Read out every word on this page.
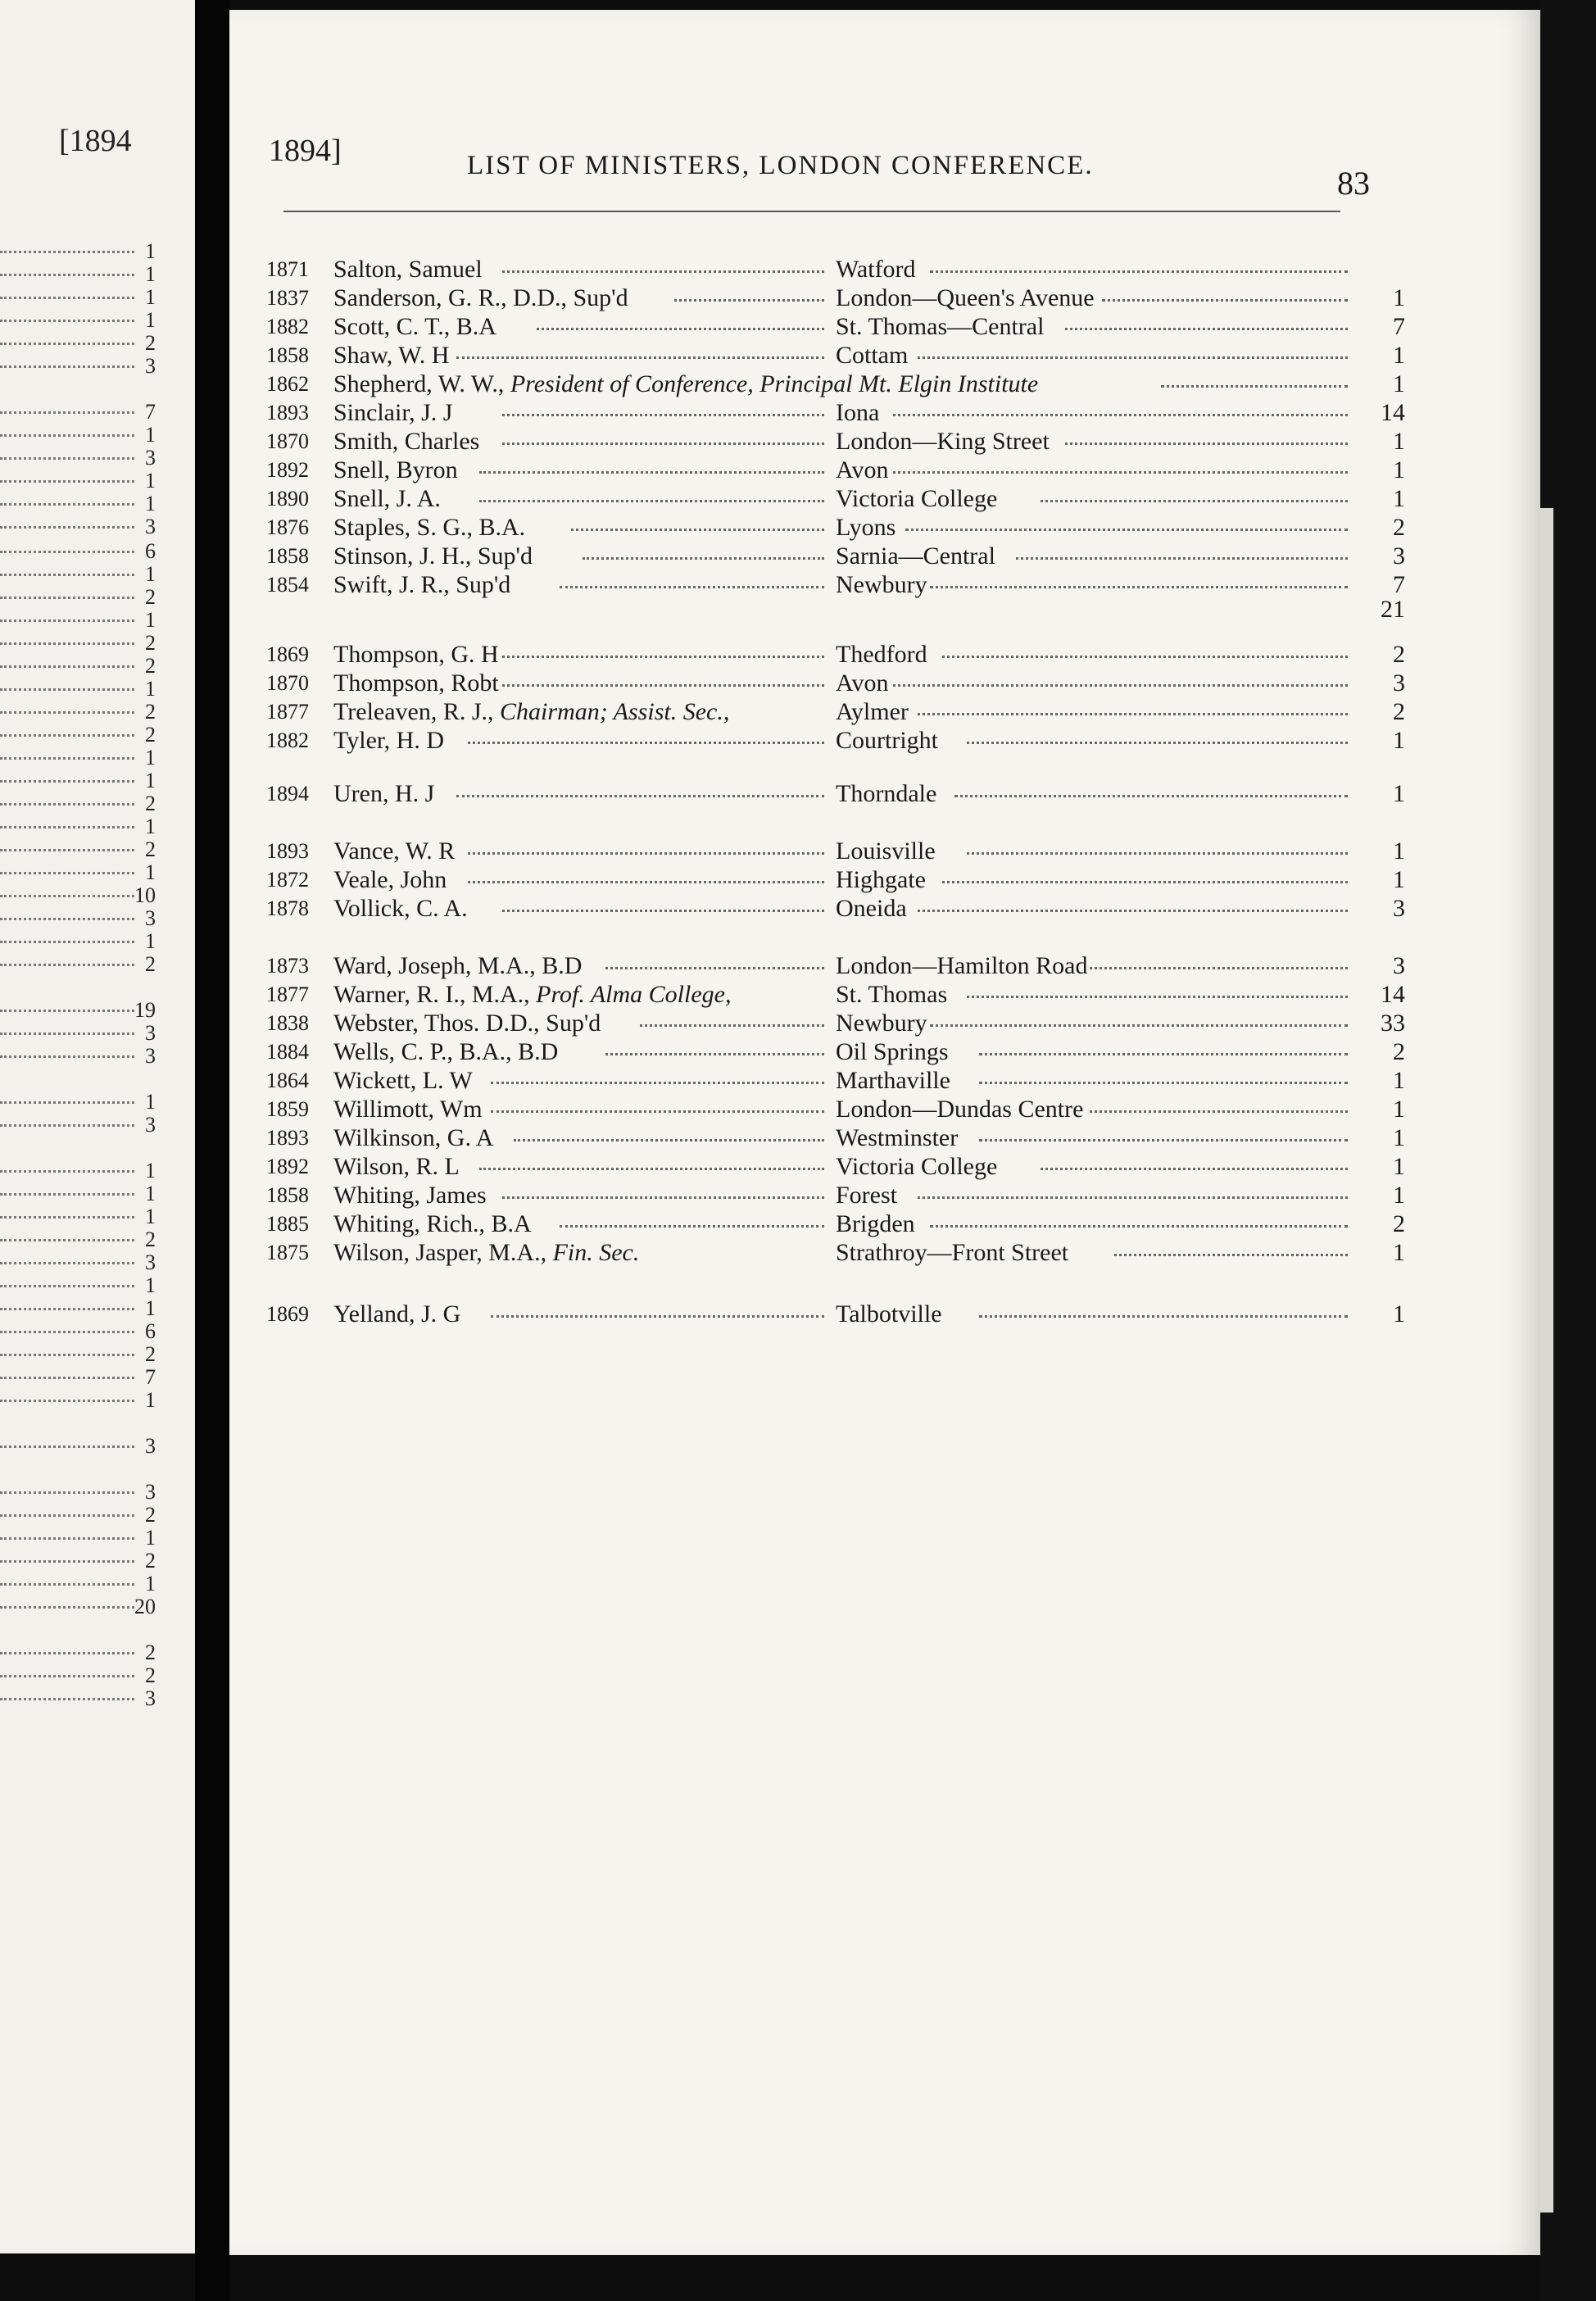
[1894
1
1
1
1
2
3
7
1
3
1
1
3
6
1
2
1
2
2
1
2
2
1
1
2
1
2
1
10
3
1
2
19
3
3
1
3
1
1
1
2
3
1
1
6
2
7
1
3
3
2
1
2
1
20
2
2
3
1894]	LIST OF MINISTERS, LONDON CONFERENCE.	83
1871 Salton, Samuel	Watford
1837 Sanderson, G. R., D.D., Sup'd	London—Queen's Avenue	1
1882 Scott, C. T., B.A	St. Thomas—Central	7
1858 Shaw, W. H	Cottam	1
1862 Shepherd, W. W., President of Conference, Principal Mt. Elgin Institute	1
1893 Sinclair, J. J	Iona	14
1870 Smith, Charles	London—King Street	1
1892 Snell, Byron	Avon	1
1890 Snell, J. A.	Victoria College	1
1876 Staples, S. G., B.A.	Lyons	2
1858 Stinson, J. H., Sup'd	Sarnia—Central	3
1854 Swift, J. R., Sup'd	Newbury	7
21
1869 Thompson, G. H	Thedford	2
1870 Thompson, Robt	Avon	3
1877 Treleaven, R. J., Chairman; Assist. Sec.,	Aylmer	2
1882 Tyler, H. D	Courtright	1
1894 Uren, H. J	Thorndale	1
1893 Vance, W. R	Louisville	1
1872 Veale, John	Highgate	1
1878 Vollick, C. A.	Oneida	3
1873 Ward, Joseph, M.A., B.D	London—Hamilton Road	3
1877 Warner, R. I., M.A., Prof. Alma College,	St. Thomas	14
1838 Webster, Thos. D.D., Sup'd	Newbury	33
1884 Wells, C. P., B.A., B.D	Oil Springs	2
1864 Wickett, L. W	Marthaville	1
1859 Willimott, Wm	London—Dundas Centre	1
1893 Wilkinson, G. A	Westminster	1
1892 Wilson, R. L	Victoria College	1
1858 Whiting, James	Forest	1
1885 Whiting, Rich., B.A	Brigden	2
1875 Wilson, Jasper, M.A., Fin. Sec.	Strathroy—Front Street	1
1869 Yelland, J. G	Talbotville	1
